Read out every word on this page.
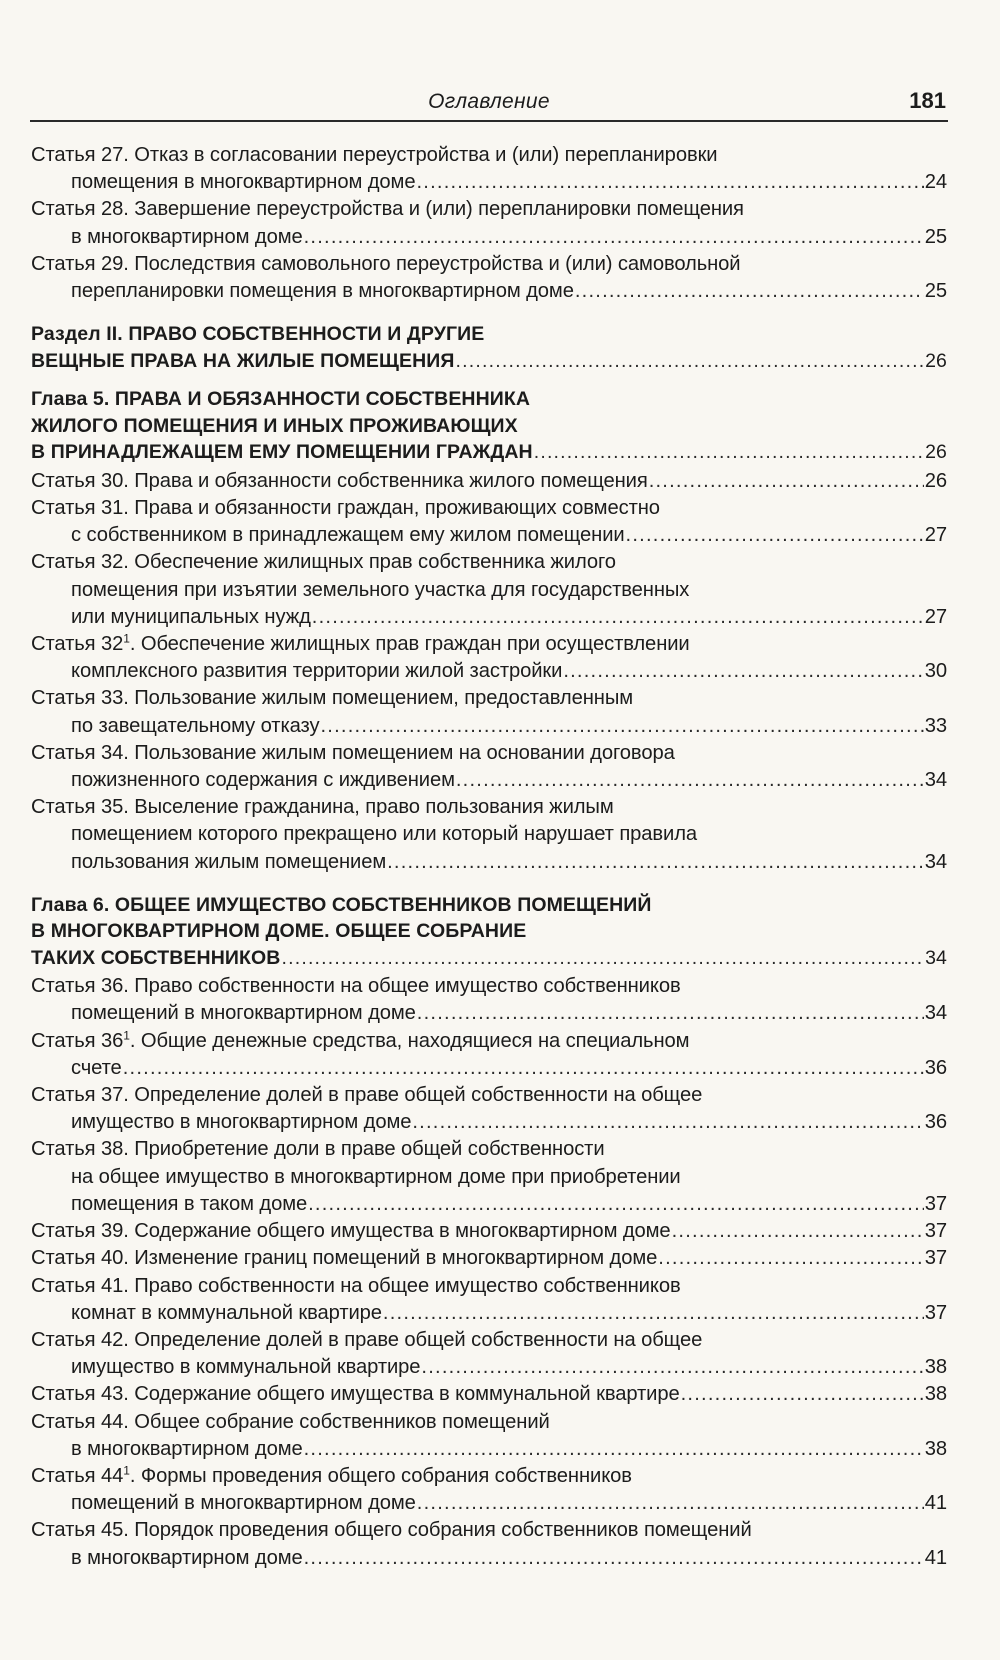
Оглавление	181
Статья 27. Отказ в согласовании переустройства и (или) перепланировки
помещения в многоквартирном доме .....	24
Статья 28. Завершение переустройства и (или) перепланировки помещения
в многоквартирном доме .....	25
Статья 29. Последствия самовольного переустройства и (или) самовольной
перепланировки помещения в многоквартирном доме .....	25
Раздел II. ПРАВО СОБСТВЕННОСТИ И ДРУГИЕ
ВЕЩНЫЕ ПРАВА НА ЖИЛЫЕ ПОМЕЩЕНИЯ .....	26
Глава 5. ПРАВА И ОБЯЗАННОСТИ СОБСТВЕННИКА
ЖИЛОГО ПОМЕЩЕНИЯ И ИНЫХ ПРОЖИВАЮЩИХ
В ПРИНАДЛЕЖАЩЕМ ЕМУ ПОМЕЩЕНИИ ГРАЖДАН .....	26
Статья 30. Права и обязанности собственника жилого помещения .....	26
Статья 31. Права и обязанности граждан, проживающих совместно
с собственником в принадлежащем ему жилом помещении .....	27
Статья 32. Обеспечение жилищных прав собственника жилого
помещения при изъятии земельного участка для государственных
или муниципальных нужд .....	27
Статья $32^1$. Обеспечение жилищных прав граждан при осуществлении
комплексного развития территории жилой застройки .....	30
Статья 33. Пользование жилым помещением, предоставленным
по завещательному отказу .....	33
Статья 34. Пользование жилым помещением на основании договора
пожизненного содержания с иждивением .....	34
Статья 35. Выселение гражданина, право пользования жилым
помещением которого прекращено или который нарушает правила
пользования жилым помещением .....	34
Глава 6. ОБЩЕЕ ИМУЩЕСТВО СОБСТВЕННИКОВ ПОМЕЩЕНИЙ
В МНОГОКВАРТИРНОМ ДОМЕ. ОБЩЕЕ СОБРАНИЕ
ТАКИХ СОБСТВЕННИКОВ .....	34
Статья 36. Право собственности на общее имущество собственников
помещений в многоквартирном доме .....	34
Статья $36^1$. Общие денежные средства, находящиеся на специальном
счете .....	36
Статья 37. Определение долей в праве общей собственности на общее
имущество в многоквартирном доме .....	36
Статья 38. Приобретение доли в праве общей собственности
на общее имущество в многоквартирном доме при приобретении
помещения в таком доме .....	37
Статья 39. Содержание общего имущества в многоквартирном доме .....	37
Статья 40. Изменение границ помещений в многоквартирном доме .....	37
Статья 41. Право собственности на общее имущество собственников
комнат в коммунальной квартире .....	37
Статья 42. Определение долей в праве общей собственности на общее
имущество в коммунальной квартире .....	38
Статья 43. Содержание общего имущества в коммунальной квартире .....	38
Статья 44. Общее собрание собственников помещений
в многоквартирном доме .....	38
Статья $44^1$. Формы проведения общего собрания собственников
помещений в многоквартирном доме .....	41
Статья 45. Порядок проведения общего собрания собственников помещений
в многоквартирном доме .....	41
